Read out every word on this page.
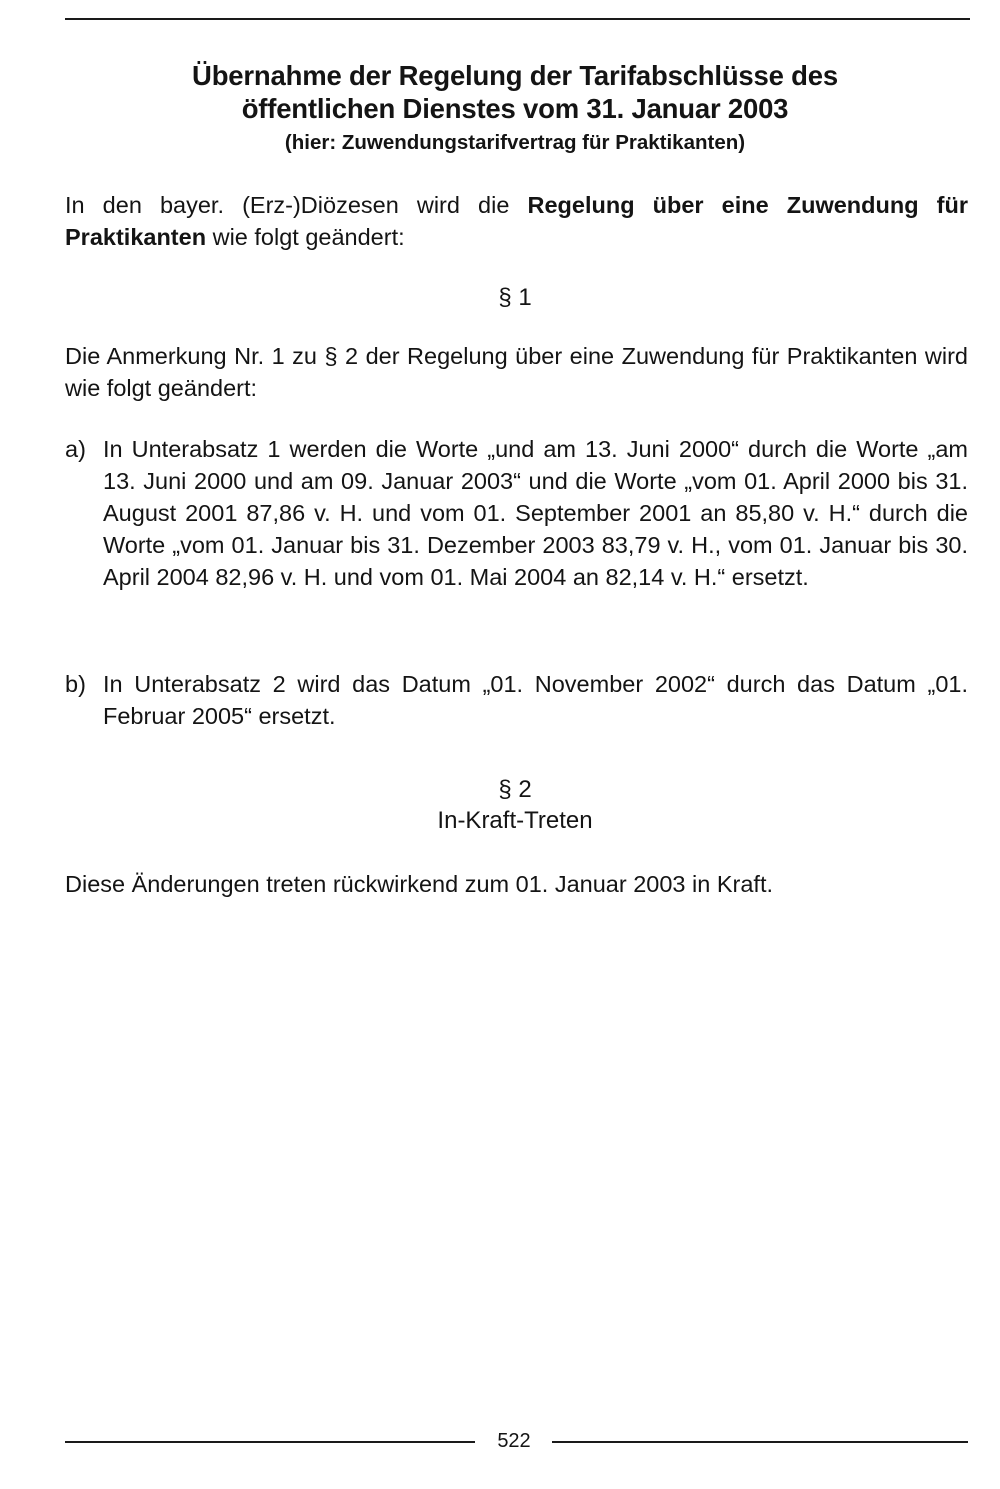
Übernahme der Regelung der Tarifabschlüsse des
öffentlichen Dienstes vom 31. Januar 2003
(hier: Zuwendungstarifvertrag für Praktikanten)
In den bayer. (Erz-)Diözesen wird die Regelung über eine Zuwendung für Praktikanten wie folgt geändert:
§ 1
Die Anmerkung Nr. 1 zu § 2 der Regelung über eine Zuwendung für Praktikanten wird wie folgt geändert:
a) In Unterabsatz 1 werden die Worte „und am 13. Juni 2000“ durch die Worte „am 13. Juni 2000 und am 09. Januar 2003“ und die Worte „vom 01. April 2000 bis 31. August 2001 87,86 v. H. und vom 01. September 2001 an 85,80 v. H.“ durch die Worte „vom 01. Januar bis 31. Dezember 2003 83,79 v. H., vom 01. Januar bis 30. April 2004 82,96 v. H. und vom 01. Mai 2004 an 82,14 v. H.“ ersetzt.
b) In Unterabsatz 2 wird das Datum „01. November 2002“ durch das Datum „01. Februar 2005“ ersetzt.
§ 2
In-Kraft-Treten
Diese Änderungen treten rückwirkend zum 01. Januar 2003 in Kraft.
522
